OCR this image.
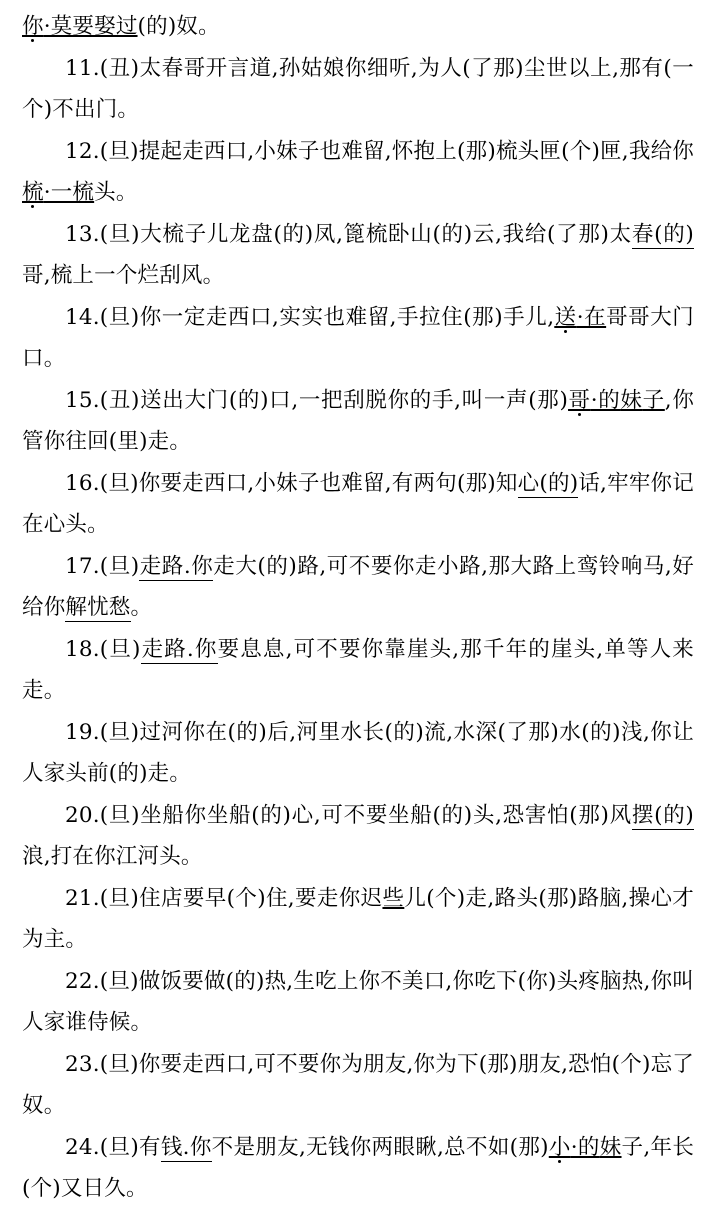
你·莫要娶过(的)奴。

11.(丑)太春哥开言道,孙姑娘你细听,为人(了那)尘世以上,那有(一个)不出门。

12.(旦)提起走西口,小妹子也难留,怀抱上(那)梳头匣(个)匣,我给你梳·一梳头。

13.(旦)大梳子儿龙盘(的)凤,篦梳卧山(的)云,我给(了那)太春(的)哥,梳上一个烂刮风。

14.(旦)你一定走西口,实实也难留,手拉住(那)手儿,送·在哥哥大门口。

15.(丑)送出大门(的)口,一把刮脱你的手,叫一声(那)哥·的妹子,你管你往回(里)走。

16.(旦)你要走西口,小妹子也难留,有两句(那)知心(的)话,牢牢你记在心头。

17.(旦)走路.你走大(的)路,可不要你走小路,那大路上鸾铃响马,好给你解忧愁。

18.(旦)走路.你要息息,可不要你靠崖头,那千年的崖头,单等人来走。

19.(旦)过河你在(的)后,河里水长(的)流,水深(了那)水(的)浅,你让人家头前(的)走。

20.(旦)坐船你坐船(的)心,可不要坐船(的)头,恐害怕(那)风摆(的)浪,打在你江河头。

21.(旦)住店要早(个)住,要走你迟些儿(个)走,路头(那)路脑,操心才为主。

22.(旦)做饭要做(的)热,生吃上你不美口,你吃下(你)头疼脑热,你叫人家谁侍候。

23.(旦)你要走西口,可不要你为朋友,你为下(那)朋友,恐怕(个)忘了奴。

24.(旦)有钱.你不是朋友,无钱你两眼瞅,总不如(那)小·的妹子,年长(个)又日久。
